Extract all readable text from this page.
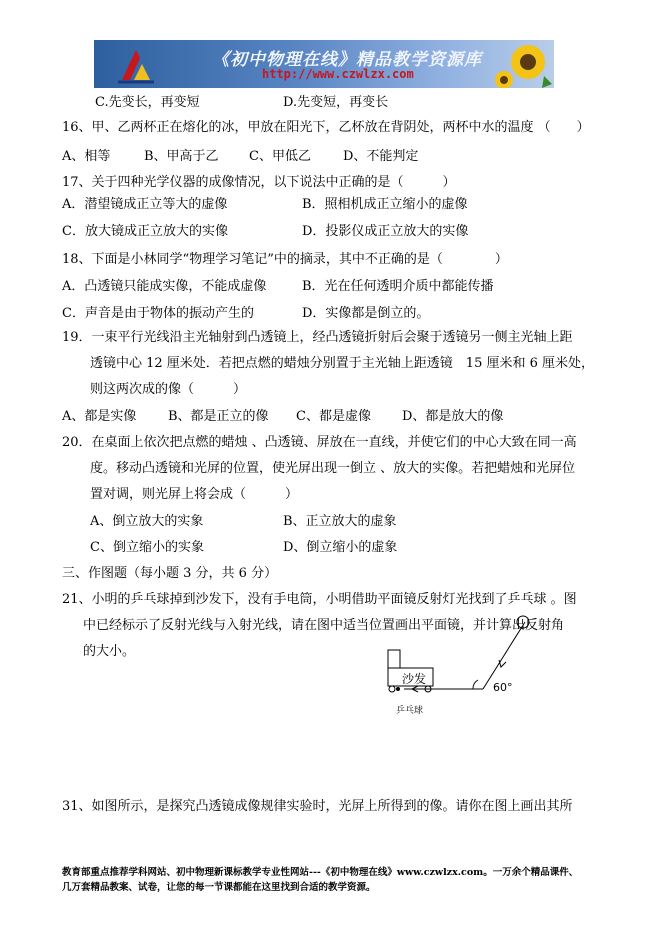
《初中物理在线》精品教学资源库
http://www.czwlzx.com
C.先变长，再变短	D.先变短，再变长
16、甲、乙两杯正在熔化的冰，甲放在阳光下，乙杯放在背阴处，两杯中水的温度 （　　）
A、相等	B、甲高于乙 C、甲低乙 D、不能判定
17、关于四种光学仪器的成像情况，以下说法中正确的是（　　　）
A．潜望镜成正立等大的虚像	B．照相机成正立缩小的虚像
C．放大镜成正立放大的实像	D．投影仪成正立放大的实像
18、下面是小林同学“物理学习笔记”中的摘录，其中不正确的是（　　　　）
A．凸透镜只能成实像，不能成虚像	B．光在任何透明介质中都能传播
C．声音是由于物体的振动产生的	D．实像都是倒立的。
19．一束平行光线沿主光轴射到凸透镜上，经凸透镜折射后会聚于透镜另一侧主光轴上距
透镜中心 12 厘米处．若把点燃的蜡烛分别置于主光轴上距透镜　15 厘米和 6 厘米处，
则这两次成的像（　　　）
A、都是实像 B、都是正立的像 C、都是虚像 D、都是放大的像
20．在桌面上依次把点燃的蜡烛 、凸透镜、屏放在一直线，并使它们的中心大致在同一高
度。移动凸透镜和光屏的位置，使光屏出现一倒立 、放大的实像。若把蜡烛和光屏位
置对调，则光屏上将会成（　　　）
A、倒立放大的实象	B、正立放大的虚象
C、倒立缩小的实象	D、倒立缩小的虚象
三、作图题（每小题 3 分，共 6 分）
21、小明的乒乓球掉到沙发下，没有手电筒，小明借助平面镜反射灯光找到了乒乓球 。图
中已经标示了反射光线与入射光线，请在图中适当位置画出平面镜，并计算出反射角
的大小。
沙发
60°
乒乓球
31、如图所示，是探究凸透镜成像规律实验时，光屏上所得到的像。请你在图上画出其所
教育部重点推荐学科网站、初中物理新课标教学专业性网站---《初中物理在线》www.czwlzx.com。一万余个精品课件、
几万套精品教案、试卷，让您的每一节课都能在这里找到合适的教学资源。
